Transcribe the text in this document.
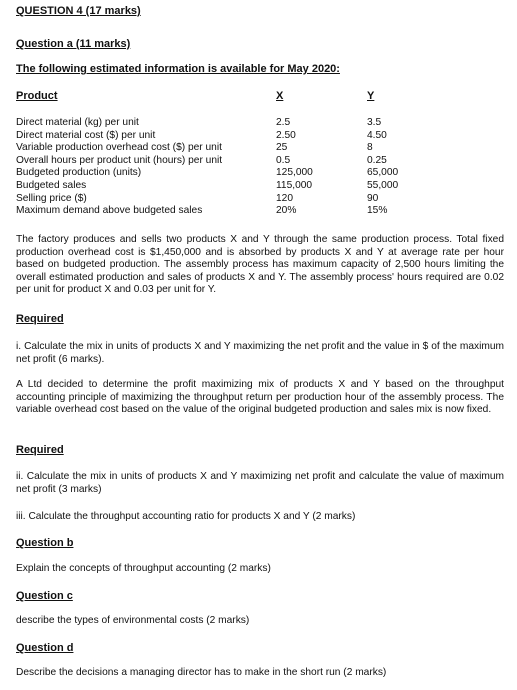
QUESTION 4 (17 marks)
Question a (11 marks)
The following estimated information is available for May 2020:
Product	X	Y
Direct material (kg) per unit	2.5	3.5
Direct material cost ($) per unit	2.50	4.50
Variable production overhead cost ($) per unit	25	8
Overall hours per product unit (hours) per unit	0.5	0.25
Budgeted production (units)	125,000	65,000
Budgeted sales	115,000	55,000
Selling price ($)	120	90
Maximum demand above budgeted sales	20%	15%
The factory produces and sells two products X and Y through the same production process. Total fixed production overhead cost is $1,450,000 and is absorbed by products X and Y at average rate per hour based on budgeted production. The assembly process has maximum capacity of 2,500 hours limiting the overall estimated production and sales of products X and Y. The assembly process' hours required are 0.02 per unit for product X and 0.03 per unit for Y.
Required
i. Calculate the mix in units of products X and Y maximizing the net profit and the value in $ of the maximum net profit (6 marks).
A Ltd decided to determine the profit maximizing mix of products X and Y based on the throughput accounting principle of maximizing the throughput return per production hour of the assembly process. The variable overhead cost based on the value of the original budgeted production and sales mix is now fixed.
Required
ii. Calculate the mix in units of products X and Y maximizing net profit and calculate the value of maximum net profit (3 marks)
iii. Calculate the throughput accounting ratio for products X and Y (2 marks)
Question b
Explain the concepts of throughput accounting (2 marks)
Question c
describe the types of environmental costs (2 marks)
Question d
Describe the decisions a managing director has to make in the short run (2 marks)
